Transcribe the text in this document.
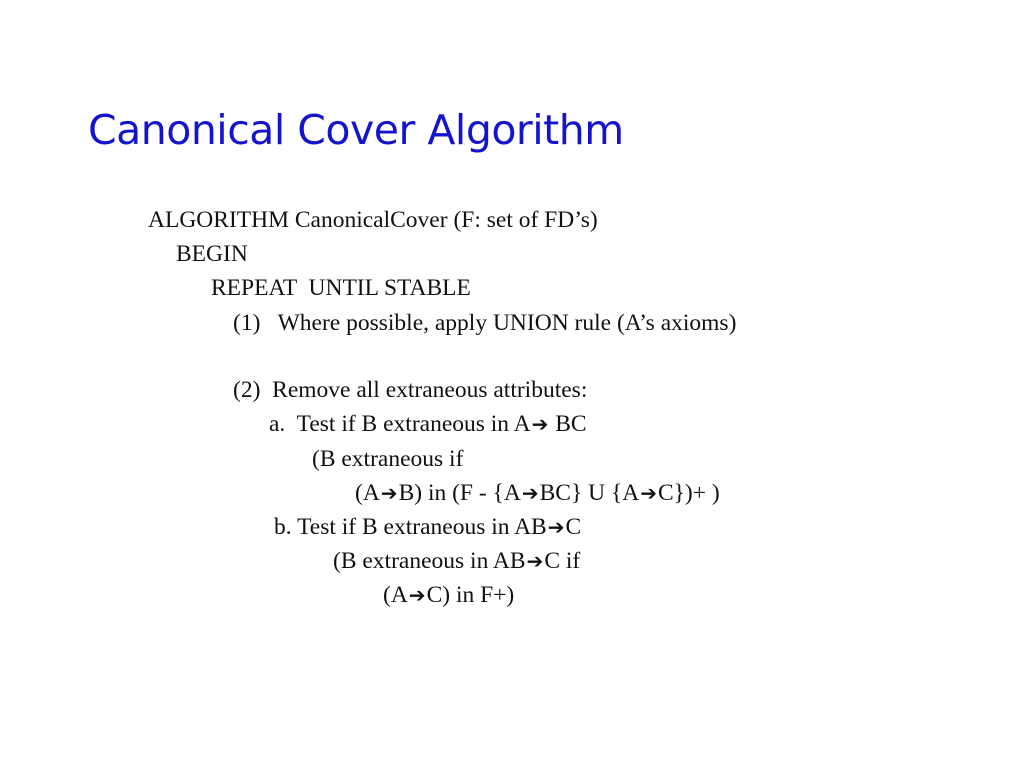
Canonical Cover Algorithm
ALGORITHM CanonicalCover (F: set of FD’s)
BEGIN
REPEAT  UNTIL STABLE
(1)   Where possible, apply UNION rule (A’s axioms)
(2)  Remove all extraneous attributes:
a.  Test if B extraneous in A➔ BC
(B extraneous if
(A➔B) in (F - {A➔BC} U {A➔C})+ )
b. Test if B extraneous in AB➔C
(B extraneous in AB➔C if
(A➔C) in F+)
